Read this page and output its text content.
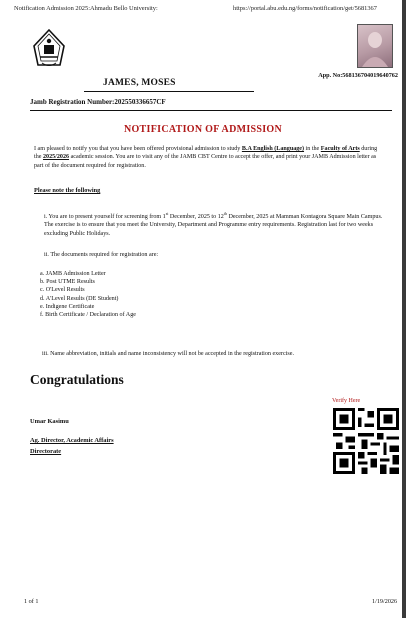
Notification Admission 2025:Ahmadu Bello University:	https://portal.abu.edu.ng/forms/notification/get/5681367
App. No:568136704019640762
JAMES, MOSES
Jamb Registration Number:202550336657CF
NOTIFICATION OF ADMISSION
I am pleased to notify you that you have been offered provisional admission to study B.A English (Language) in the Faculty of Arts during the 2025/2026 academic session. You are to visit any of the JAMB CBT Centre to accept the offer, and print your JAMB Admission letter as part of the document required for registration.
Please note the following
i. You are to present yourself for screening from 1st December, 2025 to 12th December, 2025 at Mamman Kontagora Square Main Campus. The exercise is to ensure that you meet the University, Department and Programme entry requirements. Registration last for two weeks excluding Public Holidays.
ii. The documents required for registration are:
a. JAMB Admission Letter
b. Post UTME Results
c. O'Level Results
d. A'Level Results (DE Student)
e. Indigene Certificate
f. Birth Certificate / Declaration of Age
iii. Name abbreviation, initials and name inconsistency will not be accepted in the registration exercise.
Congratulations
Umar Kasimu
Ag. Director, Academic Affairs
Directorate
Verify Here
1 of 1	1/19/2026
